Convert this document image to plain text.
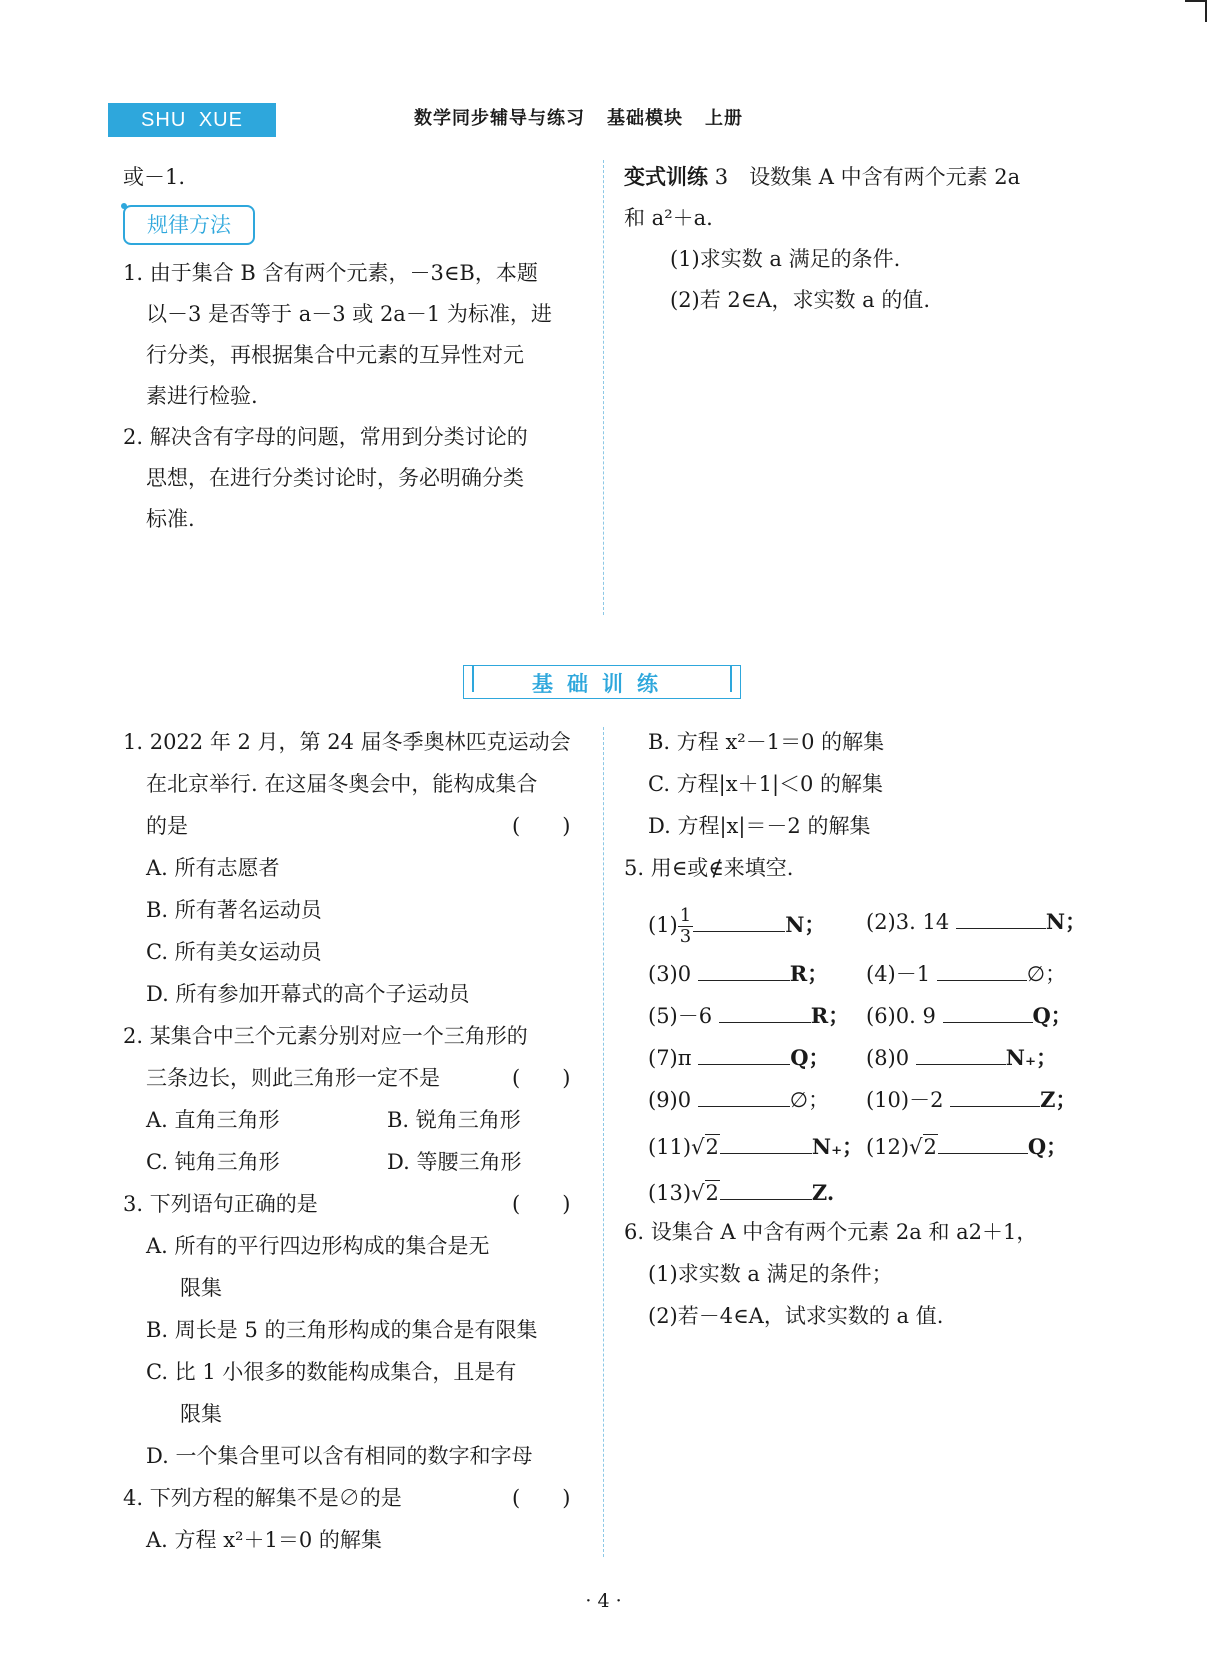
SHU XUE	数学同步辅导与练习 基础模块 上册
或－1.
规律方法
1. 由于集合 B 含有两个元素，－3∈B，本题
以－3 是否等于 a－3 或 2a－1 为标准，进
行分类，再根据集合中元素的互异性对元
素进行检验.
2. 解决含有字母的问题，常用到分类讨论的
思想，在进行分类讨论时，务必明确分类
标准.
变式训练 3　 设数集 A 中含有两个元素 2a
和 a²＋a.
(1)求实数 a 满足的条件.
(2)若 2∈A，求实数 a 的值.
基础训练
1. 2022 年 2 月，第 24 届冬季奥林匹克运动会
在北京举行. 在这届冬奥会中，能构成集合
的是	(　　)
A. 所有志愿者
B. 所有著名运动员
C. 所有美女运动员
D. 所有参加开幕式的高个子运动员
2. 某集合中三个元素分别对应一个三角形的
三条边长，则此三角形一定不是	(　　)
A. 直角三角形	B. 锐角三角形
C. 钝角三角形	D. 等腰三角形
3. 下列语句正确的是	(　　)
A. 所有的平行四边形构成的集合是无
限集
B. 周长是 5 的三角形构成的集合是有限集
C. 比 1 小很多的数能构成集合，且是有
限集
D. 一个集合里可以含有相同的数字和字母
4. 下列方程的解集不是∅的是	(　　)
A. 方程 x²＋1＝0 的解集
B. 方程 x²－1＝0 的解集
C. 方程|x＋1|＜0 的解集
D. 方程|x|＝－2 的解集
5. 用∈或∉来填空.
$(1) \frac{1}{3}$	N； (2)3. 14	N；
(3)0	R； (4)－1	∅；
(5)－6	R； (6)0. 9	Q；
(7)π	Q； (8)0	N₊；
(9)0	∅； (10)－2	Z；
(11)√2	N₊； (12)√2	Q；
(13)√2	Z.
6. 设集合 A 中含有两个元素 2a 和 a2＋1，
(1)求实数 a 满足的条件；
(2)若－4∈A，试求实数的 a 值.
· 4 ·
